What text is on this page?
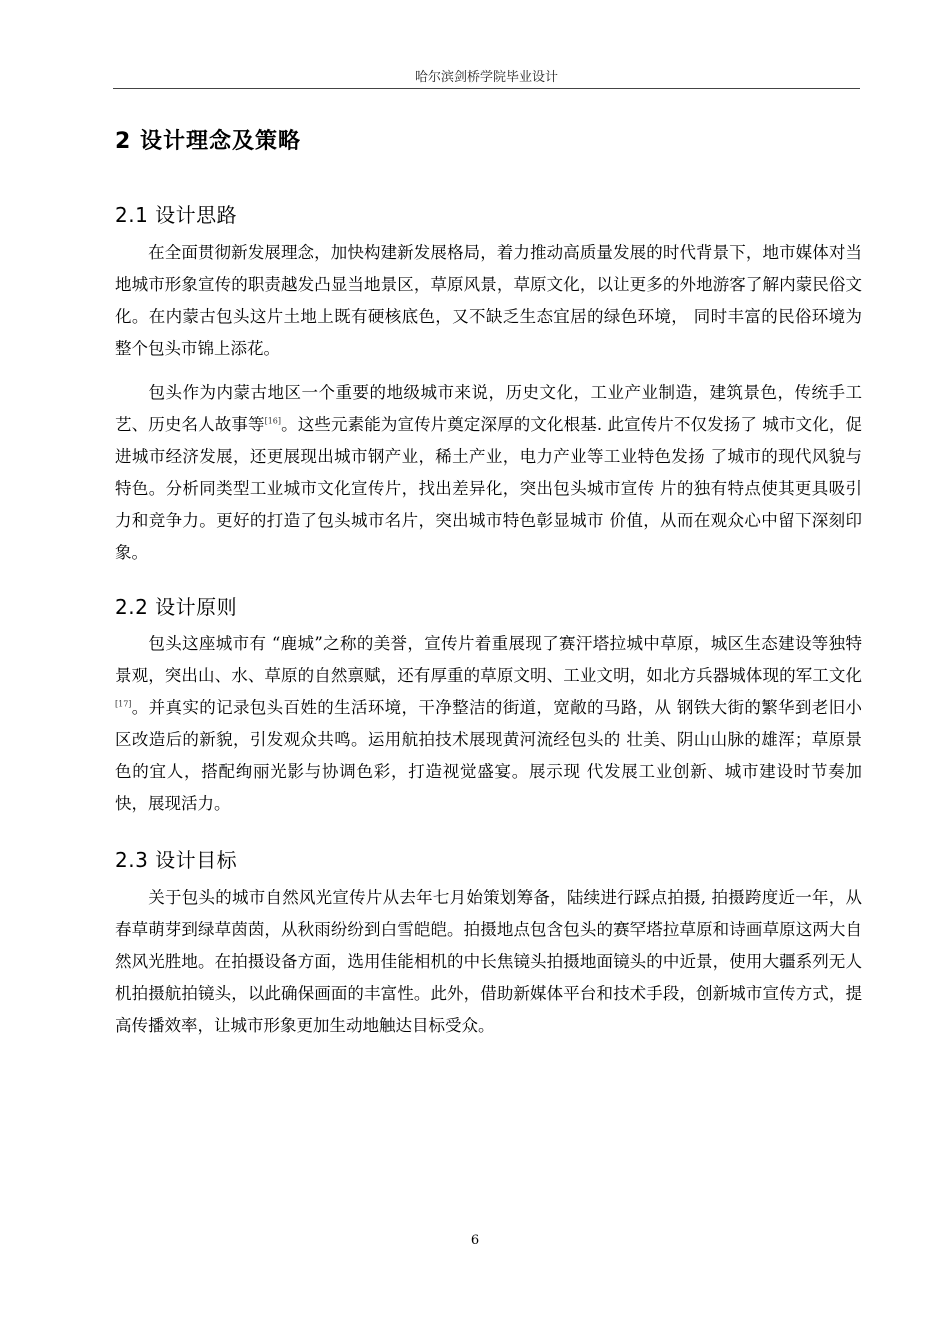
哈尔滨剑桥学院毕业设计
2 设计理念及策略
2.1 设计思路

在全面贯彻新发展理念，加快构建新发展格局，着力推动高质量发展的时代背景下，地市媒体对当地城市形象宣传的职责越发凸显当地景区，草原风景，草原文化，以让更多的外地游客了解内蒙民俗文化。在内蒙古包头这片土地上既有硬核底色，又不缺乏生态宜居的绿色环境， 同时丰富的民俗环境为整个包头市锦上添花。

包头作为内蒙古地区一个重要的地级城市来说，历史文化，工业产业制造，建筑景色，传统手工艺、历史名人故事等[16]。这些元素能为宣传片奠定深厚的文化根基. 此宣传片不仅发扬了 城市文化，促进城市经济发展，还更展现出城市钢产业，稀土产业，电力产业等工业特色发扬 了城市的现代风貌与特色。分析同类型工业城市文化宣传片，找出差异化，突出包头城市宣传 片的独有特点使其更具吸引力和竞争力。更好的打造了包头城市名片，突出城市特色彰显城市 价值，从而在观众心中留下深刻印象。

2.2 设计原则

包头这座城市有 “鹿城”之称的美誉，宣传片着重展现了赛汗塔拉城中草原，城区生态建设等独特景观，突出山、水、草原的自然禀赋，还有厚重的草原文明、工业文明，如北方兵器城体现的军工文化[17]。并真实的记录包头百姓的生活环境，干净整洁的街道，宽敞的马路，从 钢铁大街的繁华到老旧小区改造后的新貌，引发观众共鸣。运用航拍技术展现黄河流经包头的 壮美、阴山山脉的雄浑；草原景色的宜人，搭配绚丽光影与协调色彩，打造视觉盛宴。展示现 代发展工业创新、城市建设时节奏加快，展现活力。

2.3 设计目标

关于包头的城市自然风光宣传片从去年七月始策划筹备，陆续进行踩点拍摄, 拍摄跨度近一年，从春草萌芽到绿草茵茵，从秋雨纷纷到白雪皑皑。拍摄地点包含包头的赛罕塔拉草原和诗画草原这两大自然风光胜地。在拍摄设备方面，选用佳能相机的中长焦镜头拍摄地面镜头的中近景，使用大疆系列无人机拍摄航拍镜头，以此确保画面的丰富性。此外，借助新媒体平台和技术手段，创新城市宣传方式，提高传播效率，让城市形象更加生动地触达目标受众。

6
